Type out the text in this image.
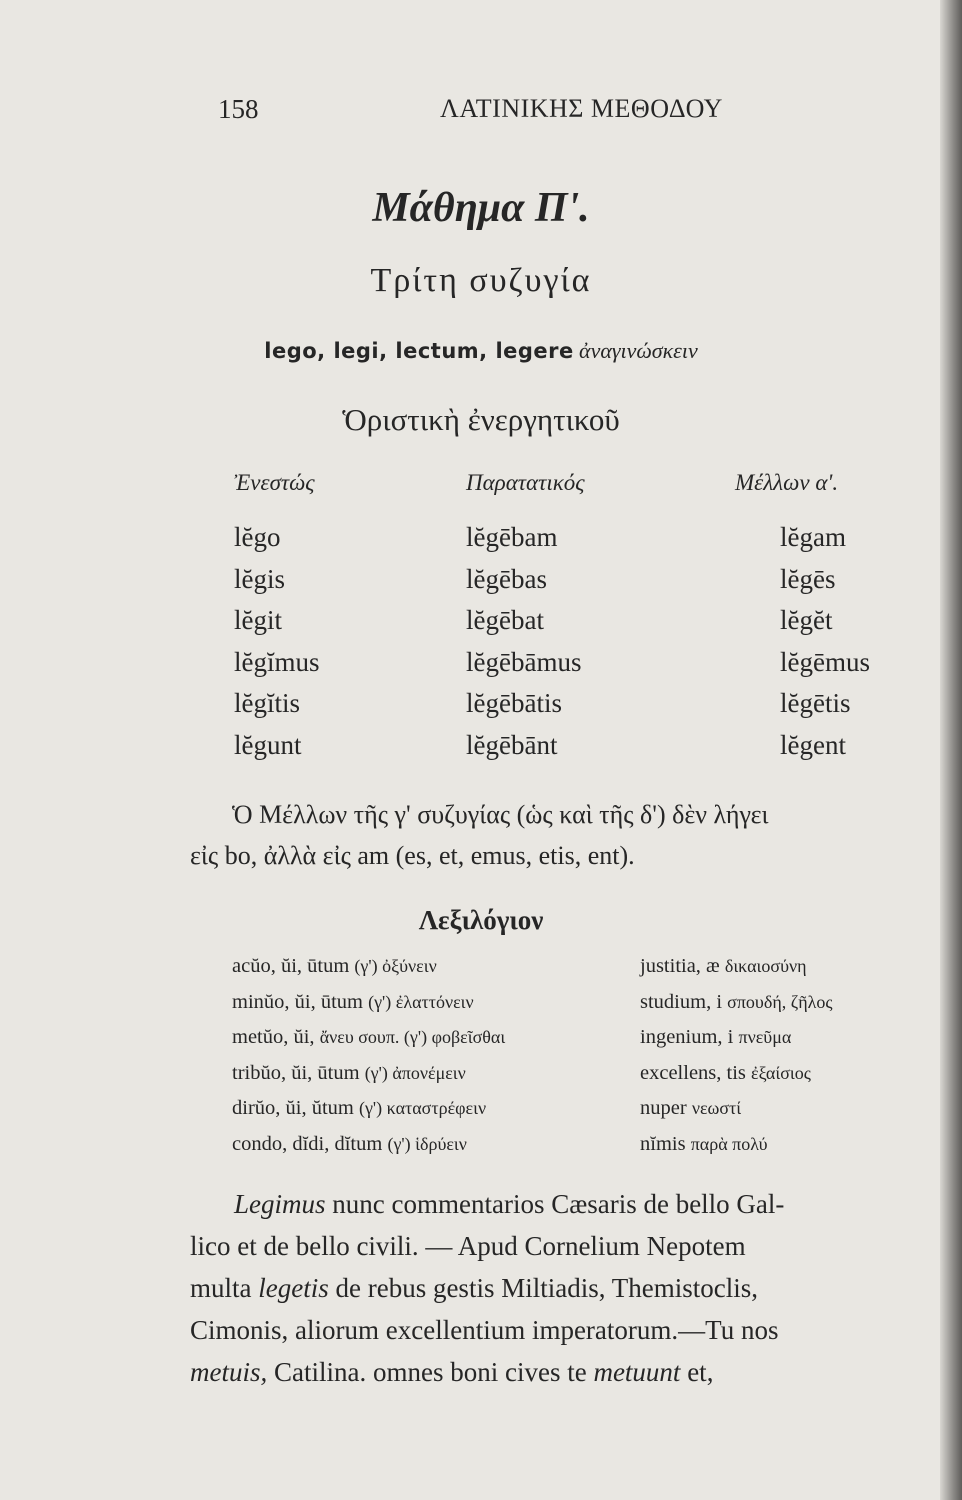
158	ΛΑΤΙΝΙΚΗΣ ΜΕΘΟΔΟΥ
Μάθημα Π'.
Τρίτη συζυγία
lego, legi, lectum, legere ἀναγινώσκειν
Ὁριστικὴ ἐνεργητικοῦ
Ἐνεστώς
lĕgo
lĕgis
lĕgit
lĕgĭmus
lĕgĭtis
lĕgunt
Παρατατικός
lĕgēbam
lĕgēbas
lĕgēbat
lĕgēbāmus
lĕgēbātis
lĕgēbānt
Μέλλων α'.
lĕgam
lĕgēs
lĕgĕt
lĕgēmus
lĕgētis
lĕgent
Ὁ Μέλλων τῆς γ' συζυγίας (ὡς καὶ τῆς δ') δὲν λήγει
εἰς bo, ἀλλὰ εἰς am (es, et, emus, etis, ent).
Λεξιλόγιον
acŭo, ŭi, ūtum (γ') ὀξύνειν
minŭo, ŭi, ūtum (γ') ἐλαττόνειν
metŭo, ŭi, ἄνευ σουπ. (γ') φοβεῖσθαι
tribŭo, ŭi, ūtum (γ') ἀπονέμειν
dirŭo, ŭi, ŭtum (γ') καταστρέφειν
condo, dĭdi, dĭtum (γ') ἱδρύειν
justitia, æ δικαιοσύνη
studium, i σπουδή, ζῆλος
ingenium, i πνεῦμα
excellens, tis ἐξαίσιος
nuper νεωστί
nĭmis παρὰ πολύ
Legimus nunc commentarios Cæsaris de bello Gal-
lico et de bello civili. — Apud Cornelium Nepotem
multa legetis de rebus gestis Miltiadis, Themistoclis,
Cimonis, aliorum excellentium imperatorum.—Tu nos
metuis, Catilina. omnes boni cives te metuunt et,
